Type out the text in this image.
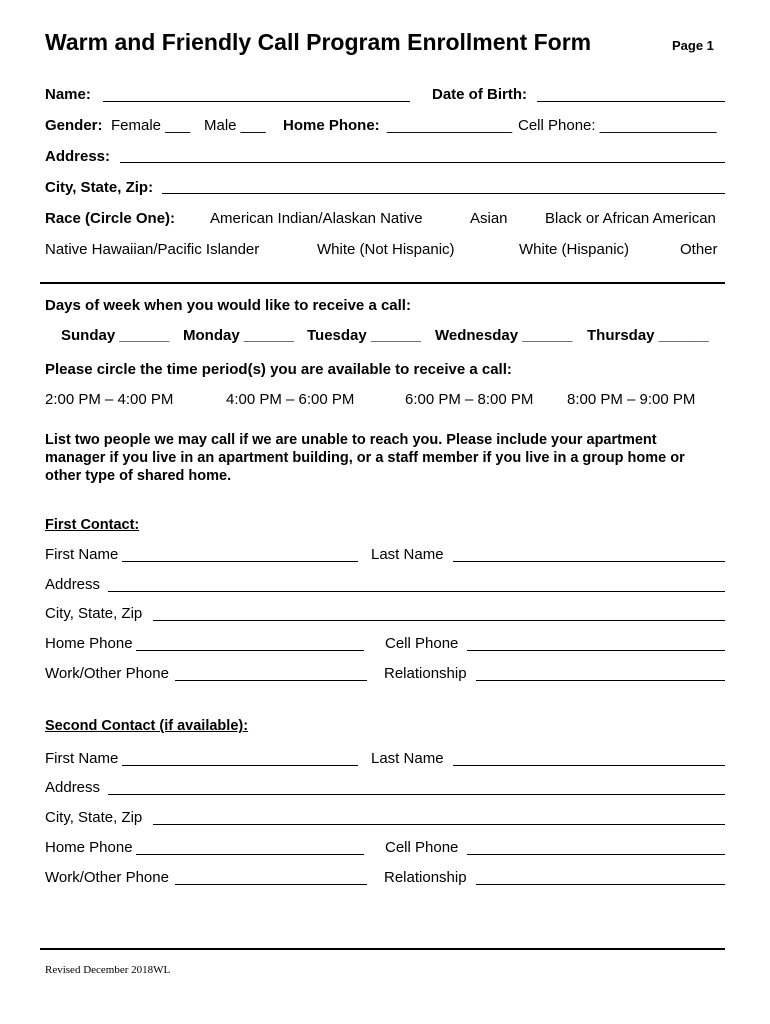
Warm and Friendly Call Program Enrollment Form	Page 1
Name:	Date of Birth:
Gender: Female ___ Male ___ Home Phone: _______________ Cell Phone: ______________
Address:
City, State, Zip:
Race (Circle One): American Indian/Alaskan Native	Asian Black or African American
Native Hawaiian/Pacific Islander	White (Not Hispanic)	White (Hispanic)	Other
Days of week when you would like to receive a call:
Sunday ______ Monday ______ Tuesday ______ Wednesday ______ Thursday ______
Please circle the time period(s) you are available to receive a call:
2:00 PM – 4:00 PM	4:00 PM – 6:00 PM	6:00 PM – 8:00 PM 8:00 PM – 9:00 PM
List two people we may call if we are unable to reach you. Please include your apartment
manager if you live in an apartment building, or a staff member if you live in a group home or
other type of shared home.
First Contact:
First Name	Last Name
Address
City, State, Zip
Home Phone	Cell Phone
Work/Other Phone	Relationship
Second Contact (if available):
First Name	Last Name
Address
City, State, Zip
Home Phone	Cell Phone
Work/Other Phone	Relationship
Revised December 2018WL
